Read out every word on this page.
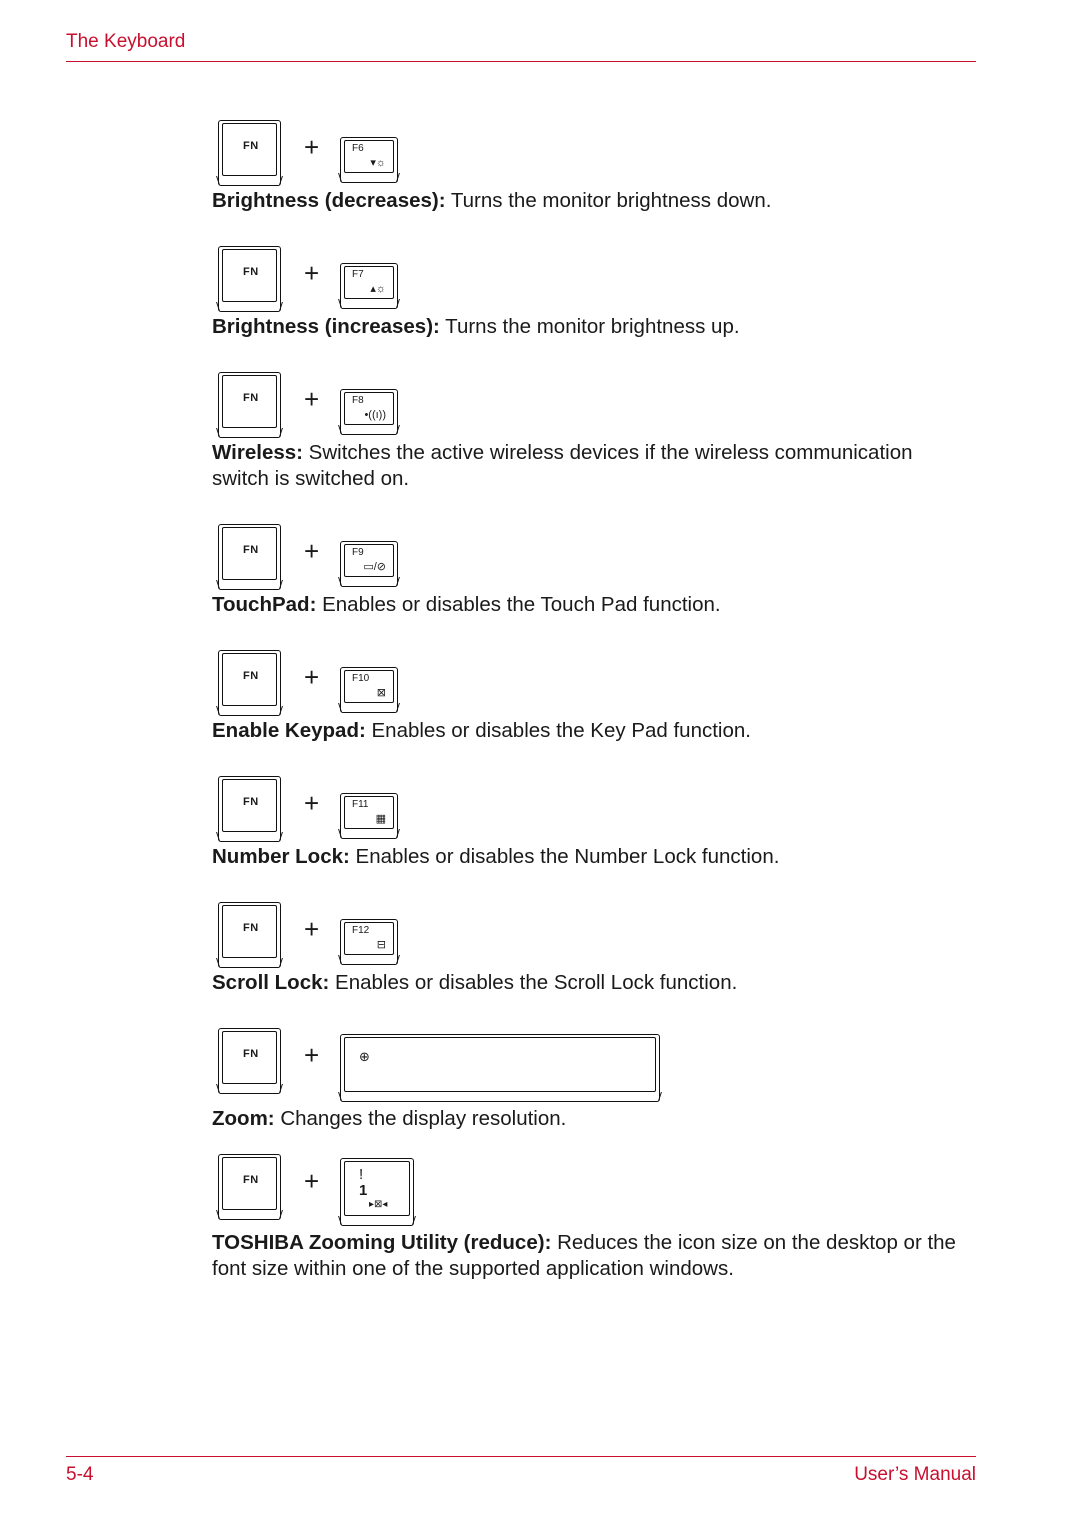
The Keyboard
FN +	F6
▾☼

Brightness (decreases): Turns the monitor brightness down.

FN +	F7
▴☼

Brightness (increases): Turns the monitor brightness up.

FN +	F8
•((ı))

Wireless: Switches the active wireless devices if the wireless communication switch is switched on.

FN +	F9
▭/⊘

TouchPad: Enables or disables the Touch Pad function.

FN +	F10
⊠

Enable Keypad: Enables or disables the Key Pad function.

FN +	F11
▦

Number Lock: Enables or disables the Number Lock function.

FN +	F12
⊟

Scroll Lock: Enables or disables the Scroll Lock function.

FN +	⊕

Zoom: Changes the display resolution.

FN +	!
1
▸⊠◂

TOSHIBA Zooming Utility (reduce): Reduces the icon size on the desktop or the font size within one of the supported application windows.

5-4	User’s Manual
